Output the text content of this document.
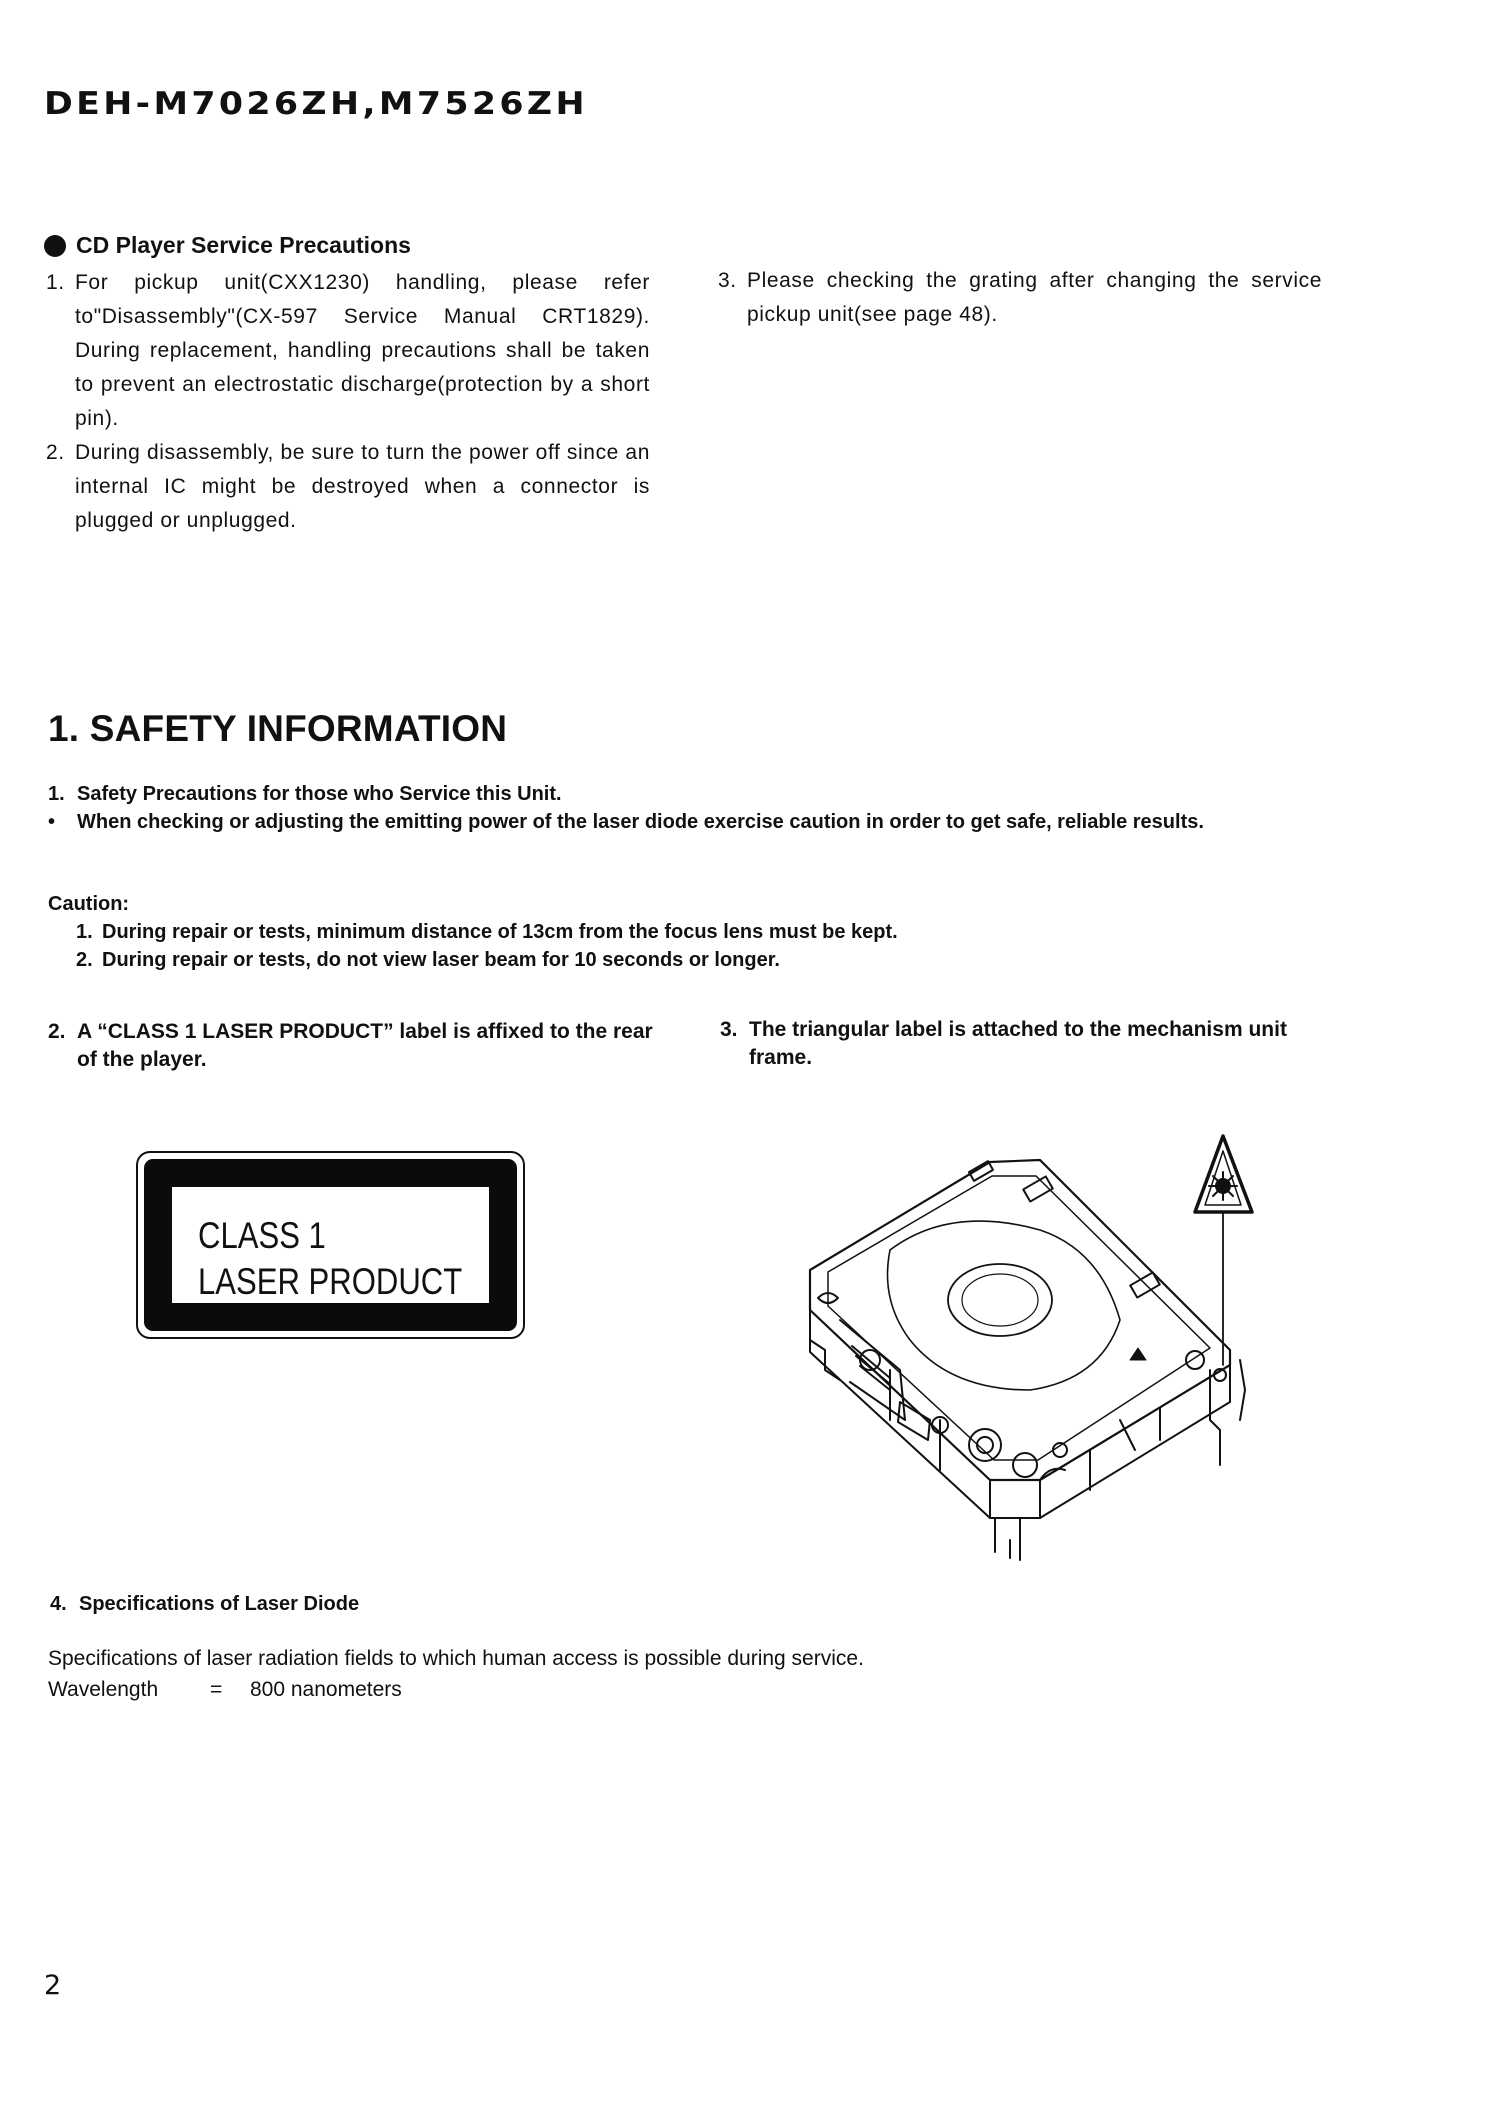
DEH-M7026ZH,M7526ZH
CD Player Service Precautions
1. For pickup unit(CXX1230) handling, please refer to"Disassembly"(CX-597 Service Manual CRT1829). During replacement, handling precautions shall be taken to prevent an electrostatic discharge(protection by a short pin).
2. During disassembly, be sure to turn the power off since an internal IC might be destroyed when a connector is plugged or unplugged.
3. Please checking the grating after changing the service pickup unit(see page 48).
1. SAFETY INFORMATION
1. Safety Precautions for those who Service this Unit.
•	When checking or adjusting the emitting power of the laser diode exercise caution in order to get safe, reliable results.
Caution:
1. During repair or tests, minimum distance of 13cm from the focus lens must be kept.
2. During repair or tests, do not view laser beam for 10 seconds or longer.
2. A “CLASS 1 LASER PRODUCT” label is affixed to the rear of the player.
3. The triangular label is attached to the mechanism unit frame.
CLASS 1
LASER PRODUCT
4. Specifications of Laser Diode
Specifications of laser radiation fields to which human access is possible during service.
Wavelength	=	800 nanometers
2
